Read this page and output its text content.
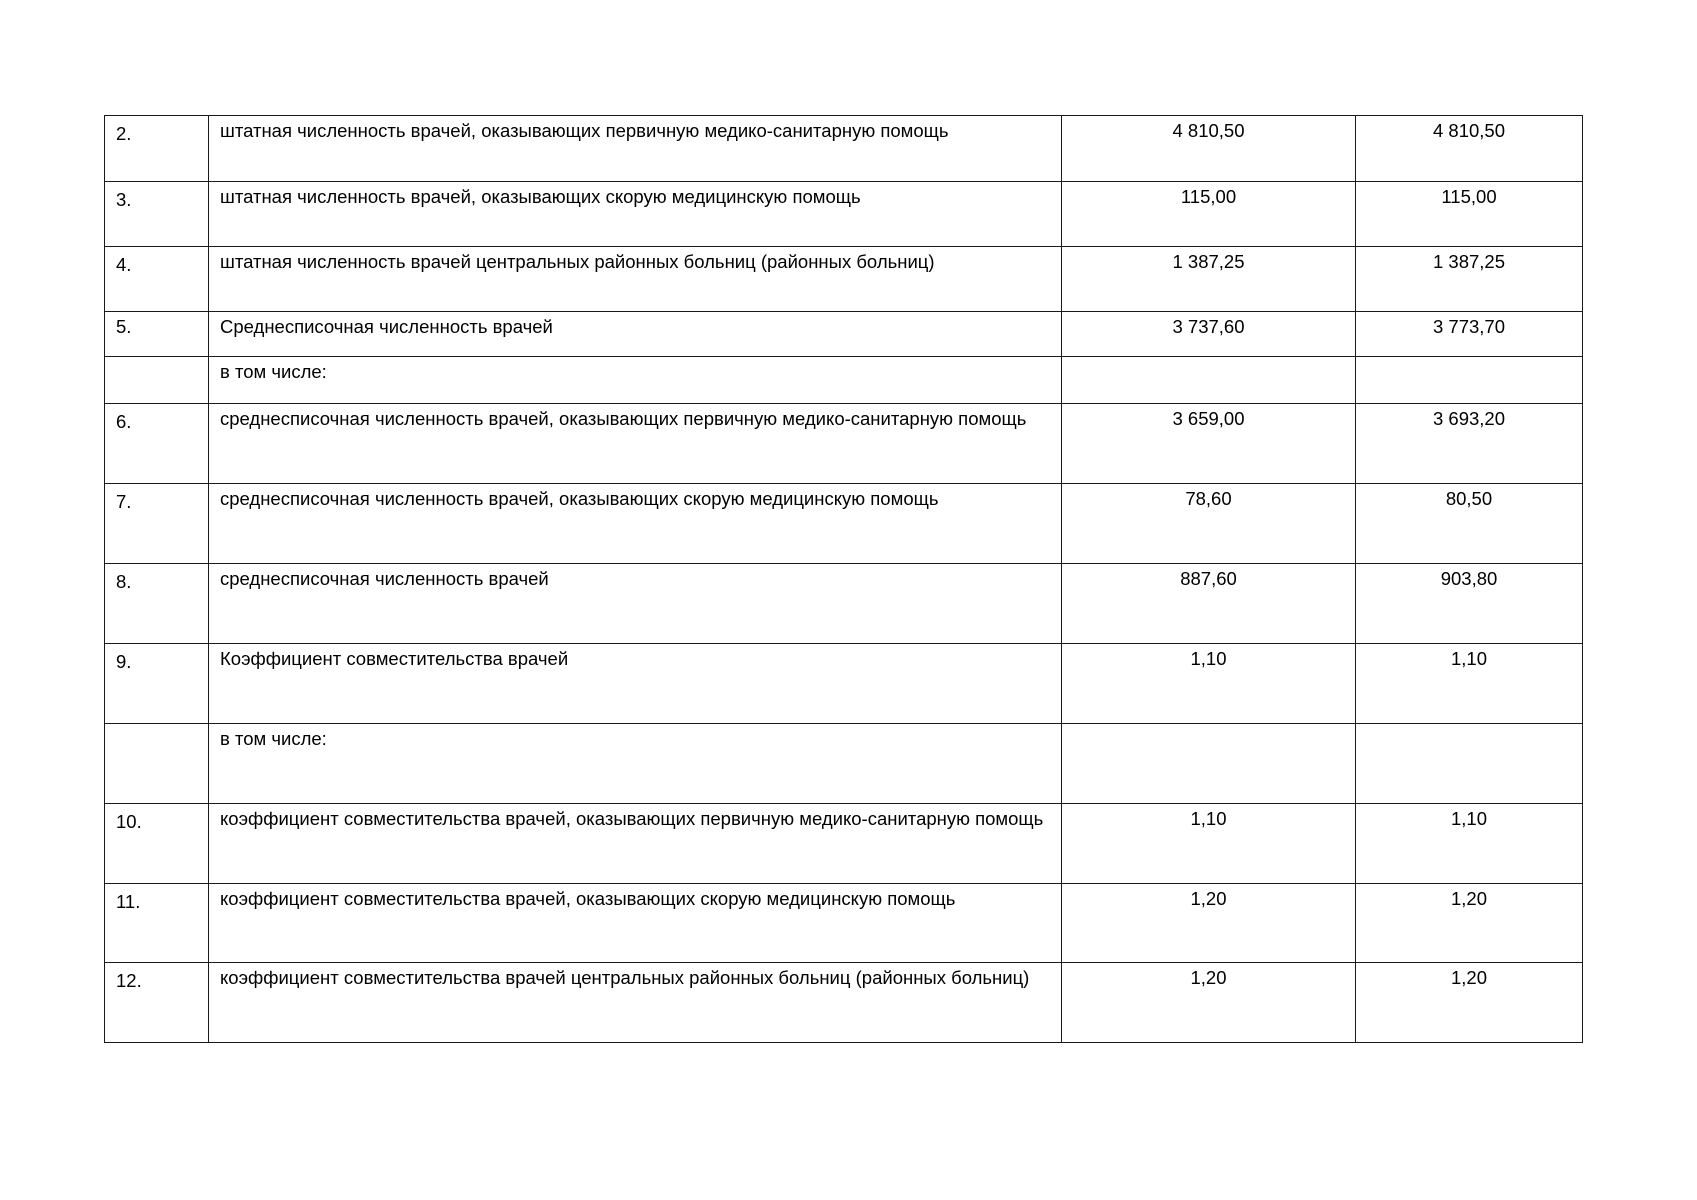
2.	штатная численность врачей, оказывающих первичную медико-санитарную помощь	4 810,50	4 810,50

3.	штатная численность врачей, оказывающих скорую медицинскую помощь	115,00	115,00

4.	штатная численность врачей центральных районных больниц (районных больниц)	1 387,25	1 387,25

5.	Среднесписочная численность врачей	3 737,60	3 773,70

	в том числе:		

6.	среднесписочная численность врачей, оказывающих первичную медико-санитарную помощь	3 659,00	3 693,20

7.	среднесписочная численность врачей, оказывающих скорую медицинскую помощь	78,60	80,50

8.	среднесписочная численность врачей	887,60	903,80

9.	Коэффициент совместительства врачей	1,10	1,10

	в том числе:		

10.	коэффициент совместительства врачей, оказывающих первичную медико-санитарную помощь	1,10	1,10

11.	коэффициент совместительства врачей, оказывающих скорую медицинскую помощь	1,20	1,20

12.	коэффициент совместительства врачей центральных районных больниц (районных больниц)	1,20	1,20
